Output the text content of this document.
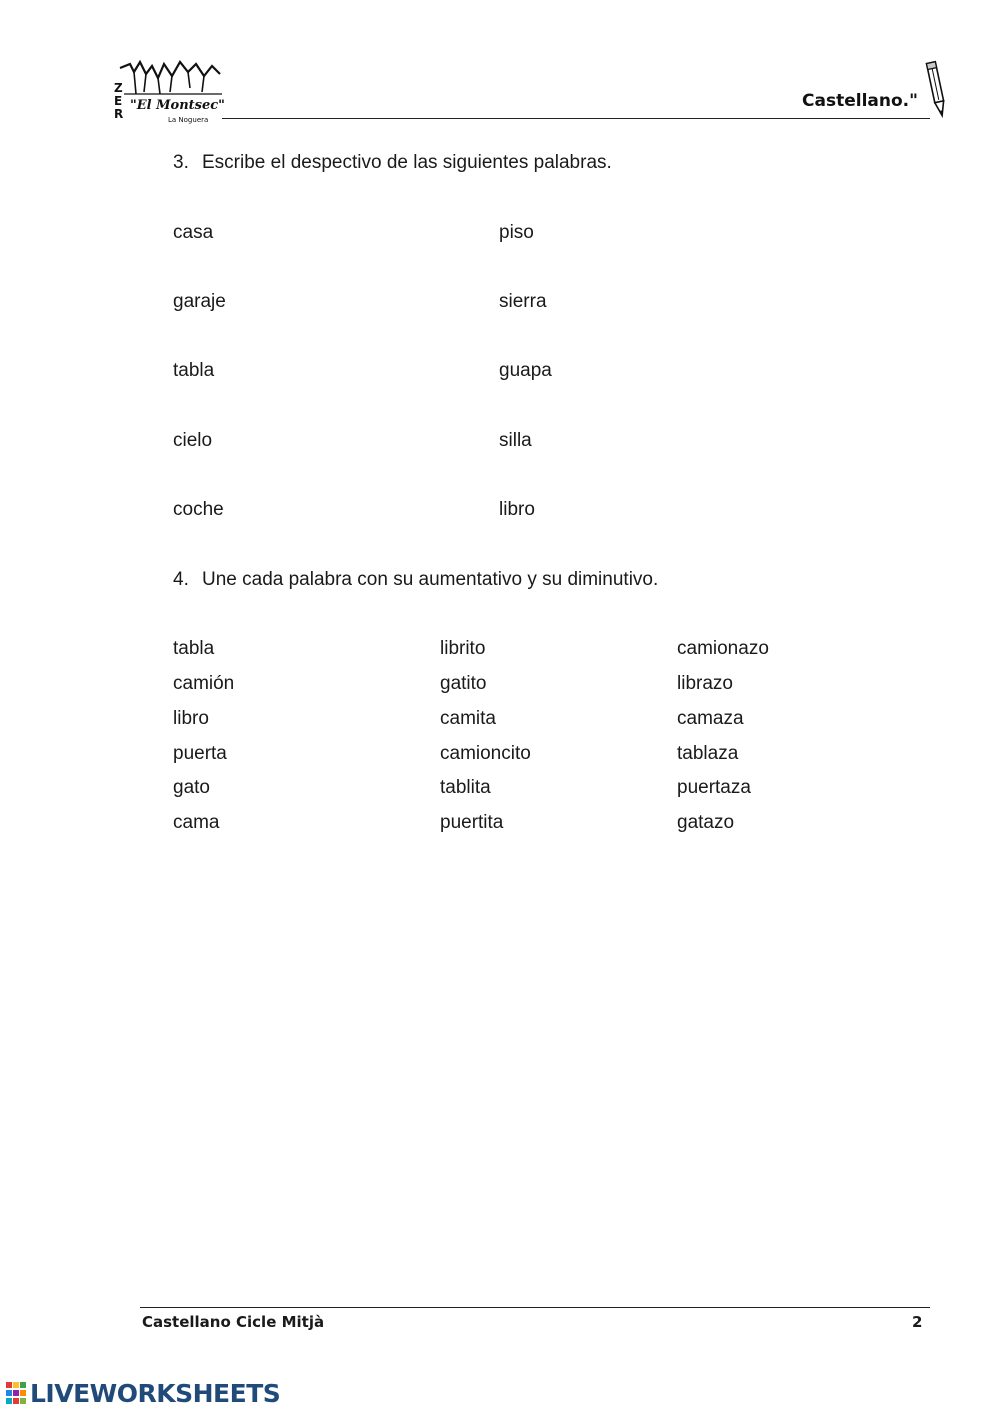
Z
E
R
"El Montsec"
La Noguera
Castellano."
3. Escribe el despectivo de las siguientes palabras.
casa	piso
garaje	sierra
tabla	guapa
cielo	silla
coche	libro
4. Une cada palabra con su aumentativo y su diminutivo.
tabla	librito	camionazo
camión	gatito	librazo
libro	camita	camaza
puerta	camioncito	tablaza
gato	tablita	puertaza
cama	puertita	gatazo
Castellano Cicle Mitjà	2
LIVEWORKSHEETS
